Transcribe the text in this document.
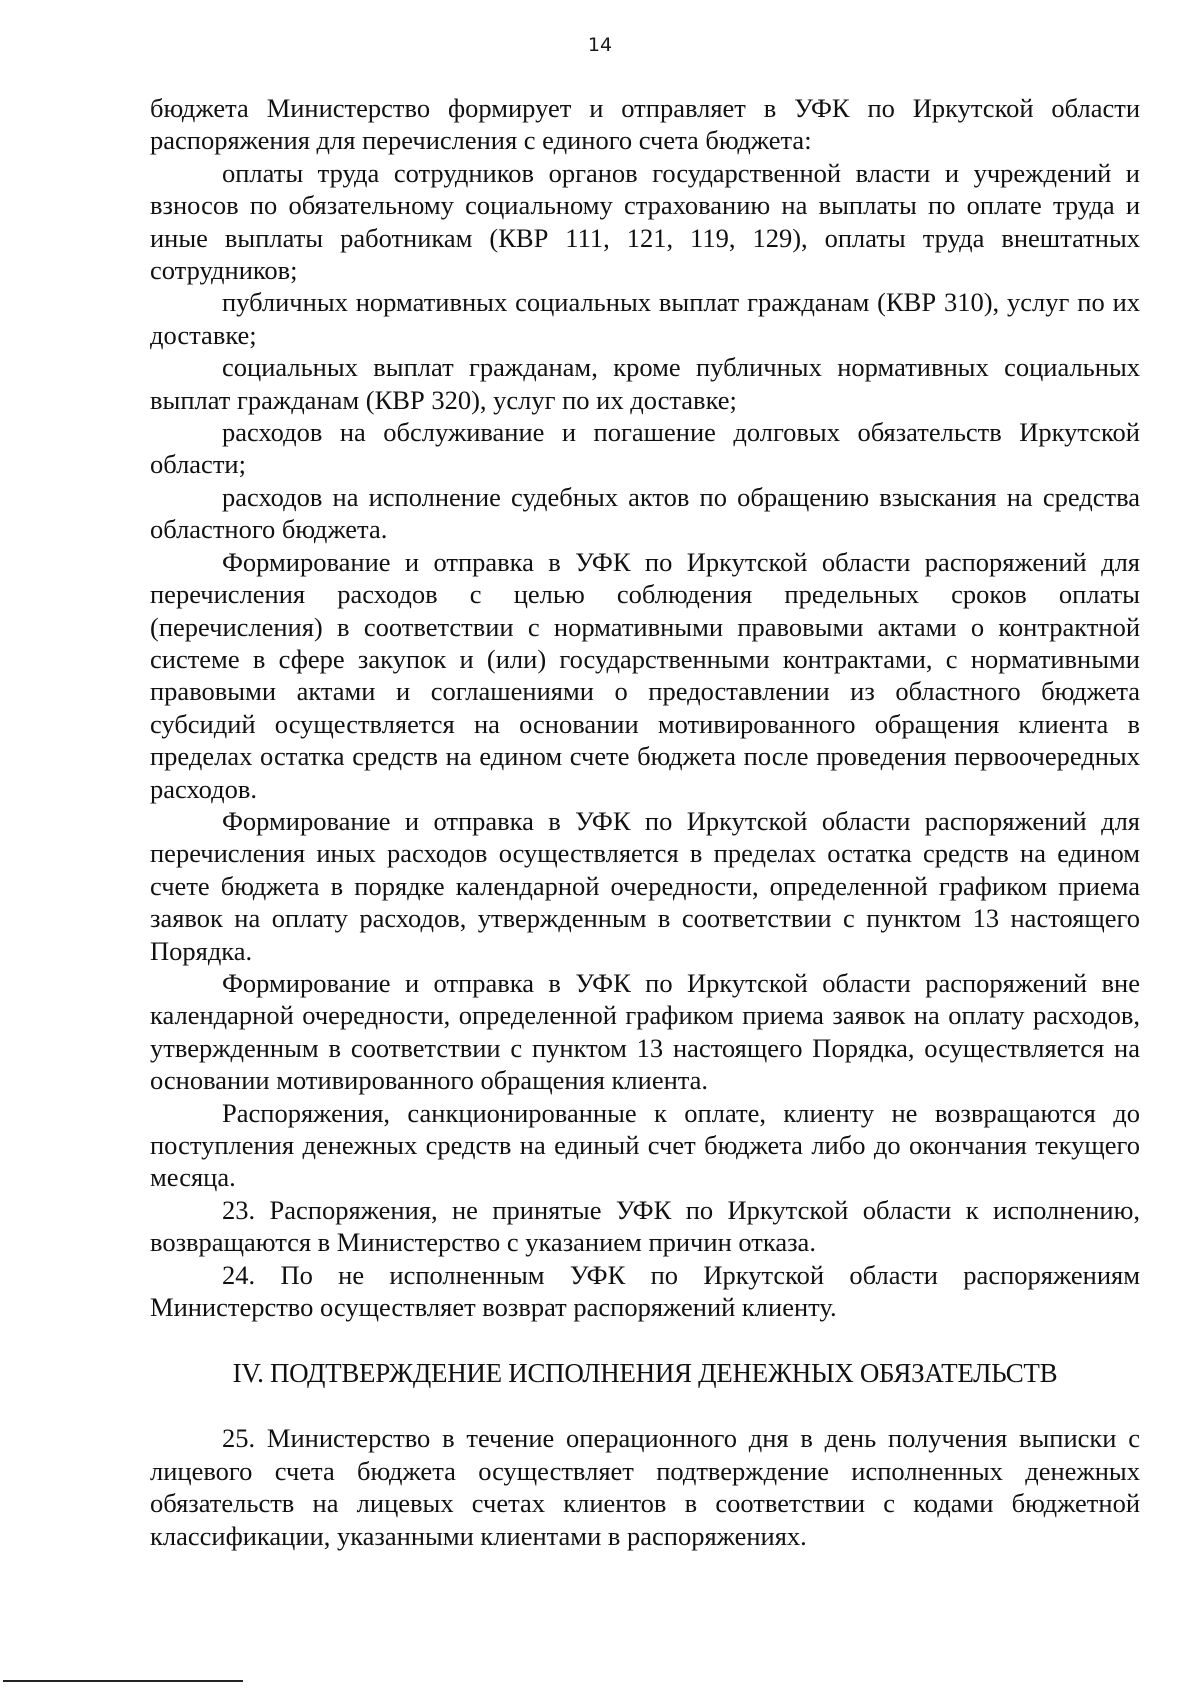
14

бюджета Министерство формирует и отправляет в УФК по Иркутской области распоряжения для перечисления с единого счета бюджета:

оплаты труда сотрудников органов государственной власти и учреждений и взносов по обязательному социальному страхованию на выплаты по оплате труда и иные выплаты работникам (КВР 111, 121, 119, 129), оплаты труда внештатных сотрудников;

публичных нормативных социальных выплат гражданам (КВР 310), услуг по их доставке;

социальных выплат гражданам, кроме публичных нормативных социальных выплат гражданам (КВР 320), услуг по их доставке;

расходов на обслуживание и погашение долговых обязательств Иркутской области;

расходов на исполнение судебных актов по обращению взыскания на средства областного бюджета.

Формирование и отправка в УФК по Иркутской области распоряжений для перечисления расходов с целью соблюдения предельных сроков оплаты (перечисления) в соответствии с нормативными правовыми актами о контрактной системе в сфере закупок и (или) государственными контрактами, с нормативными правовыми актами и соглашениями о предоставлении из областного бюджета субсидий осуществляется на основании мотивированного обращения клиента в пределах остатка средств на едином счете бюджета после проведения первоочередных расходов.

Формирование и отправка в УФК по Иркутской области распоряжений для перечисления иных расходов осуществляется в пределах остатка средств на едином счете бюджета в порядке календарной очередности, определенной графиком приема заявок на оплату расходов, утвержденным в соответствии с пунктом 13 настоящего Порядка.

Формирование и отправка в УФК по Иркутской области распоряжений вне календарной очередности, определенной графиком приема заявок на оплату расходов, утвержденным в соответствии с пунктом 13 настоящего Порядка, осуществляется на основании мотивированного обращения клиента.

Распоряжения, санкционированные к оплате, клиенту не возвращаются до поступления денежных средств на единый счет бюджета либо до окончания текущего месяца.

23. Распоряжения, не принятые УФК по Иркутской области к исполнению, возвращаются в Министерство с указанием причин отказа.

24. По не исполненным УФК по Иркутской области распоряжениям Министерство осуществляет возврат распоряжений клиенту.

IV. ПОДТВЕРЖДЕНИЕ ИСПОЛНЕНИЯ ДЕНЕЖНЫХ ОБЯЗАТЕЛЬСТВ

25. Министерство в течение операционного дня в день получения выписки с лицевого счета бюджета осуществляет подтверждение исполненных денежных обязательств на лицевых счетах клиентов в соответствии с кодами бюджетной классификации, указанными клиентами в распоряжениях.
